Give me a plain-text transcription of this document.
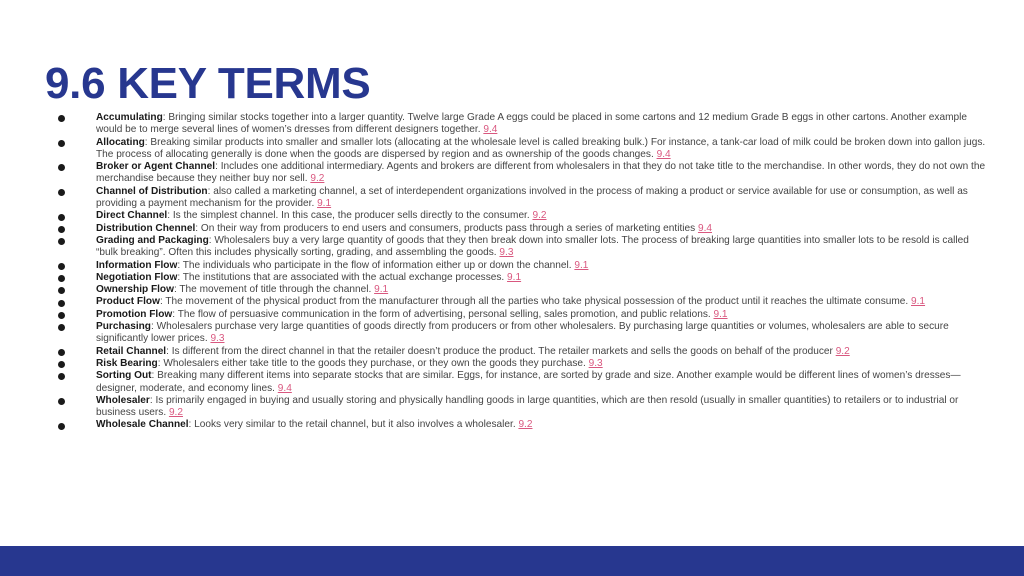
9.6 KEY TERMS
Accumulating: Bringing similar stocks together into a larger quantity. Twelve large Grade A eggs could be placed in some cartons and 12 medium Grade B eggs in other cartons. Another example would be to merge several lines of women’s dresses from different designers together. 9.4
Allocating: Breaking similar products into smaller and smaller lots (allocating at the wholesale level is called breaking bulk.) For instance, a tank-car load of milk could be broken down into gallon jugs. The process of allocating generally is done when the goods are dispersed by region and as ownership of the goods changes. 9.4
Broker or Agent Channel: Includes one additional intermediary. Agents and brokers are different from wholesalers in that they do not take title to the merchandise. In other words, they do not own the merchandise because they neither buy nor sell. 9.2
Channel of Distribution: also called a marketing channel, a set of interdependent organizations involved in the process of making a product or service available for use or consumption, as well as providing a payment mechanism for the provider. 9.1
Direct Channel: Is the simplest channel. In this case, the producer sells directly to the consumer. 9.2
Distribution Chennel: On their way from producers to end users and consumers, products pass through a series of marketing entities 9.4
Grading and Packaging: Wholesalers buy a very large quantity of goods that they then break down into smaller lots. The process of breaking large quantities into smaller lots to be resold is called “bulk breaking”. Often this includes physically sorting, grading, and assembling the goods. 9.3
Information Flow: The individuals who participate in the flow of information either up or down the channel. 9.1
Negotiation Flow: The institutions that are associated with the actual exchange processes. 9.1
Ownership Flow: The movement of title through the channel. 9.1
Product Flow: The movement of the physical product from the manufacturer through all the parties who take physical possession of the product until it reaches the ultimate consume. 9.1
Promotion Flow: The flow of persuasive communication in the form of advertising, personal selling, sales promotion, and public relations. 9.1
Purchasing: Wholesalers purchase very large quantities of goods directly from producers or from other wholesalers. By purchasing large quantities or volumes, wholesalers are able to secure significantly lower prices. 9.3
Retail Channel: Is different from the direct channel in that the retailer doesn’t produce the product. The retailer markets and sells the goods on behalf of the producer 9.2
Risk Bearing: Wholesalers either take title to the goods they purchase, or they own the goods they purchase. 9.3
Sorting Out: Breaking many different items into separate stocks that are similar. Eggs, for instance, are sorted by grade and size. Another example would be different lines of women’s dresses—designer, moderate, and economy lines. 9.4
Wholesaler: Is primarily engaged in buying and usually storing and physically handling goods in large quantities, which are then resold (usually in smaller quantities) to retailers or to industrial or business users. 9.2
Wholesale Channel: Looks very similar to the retail channel, but it also involves a wholesaler. 9.2
